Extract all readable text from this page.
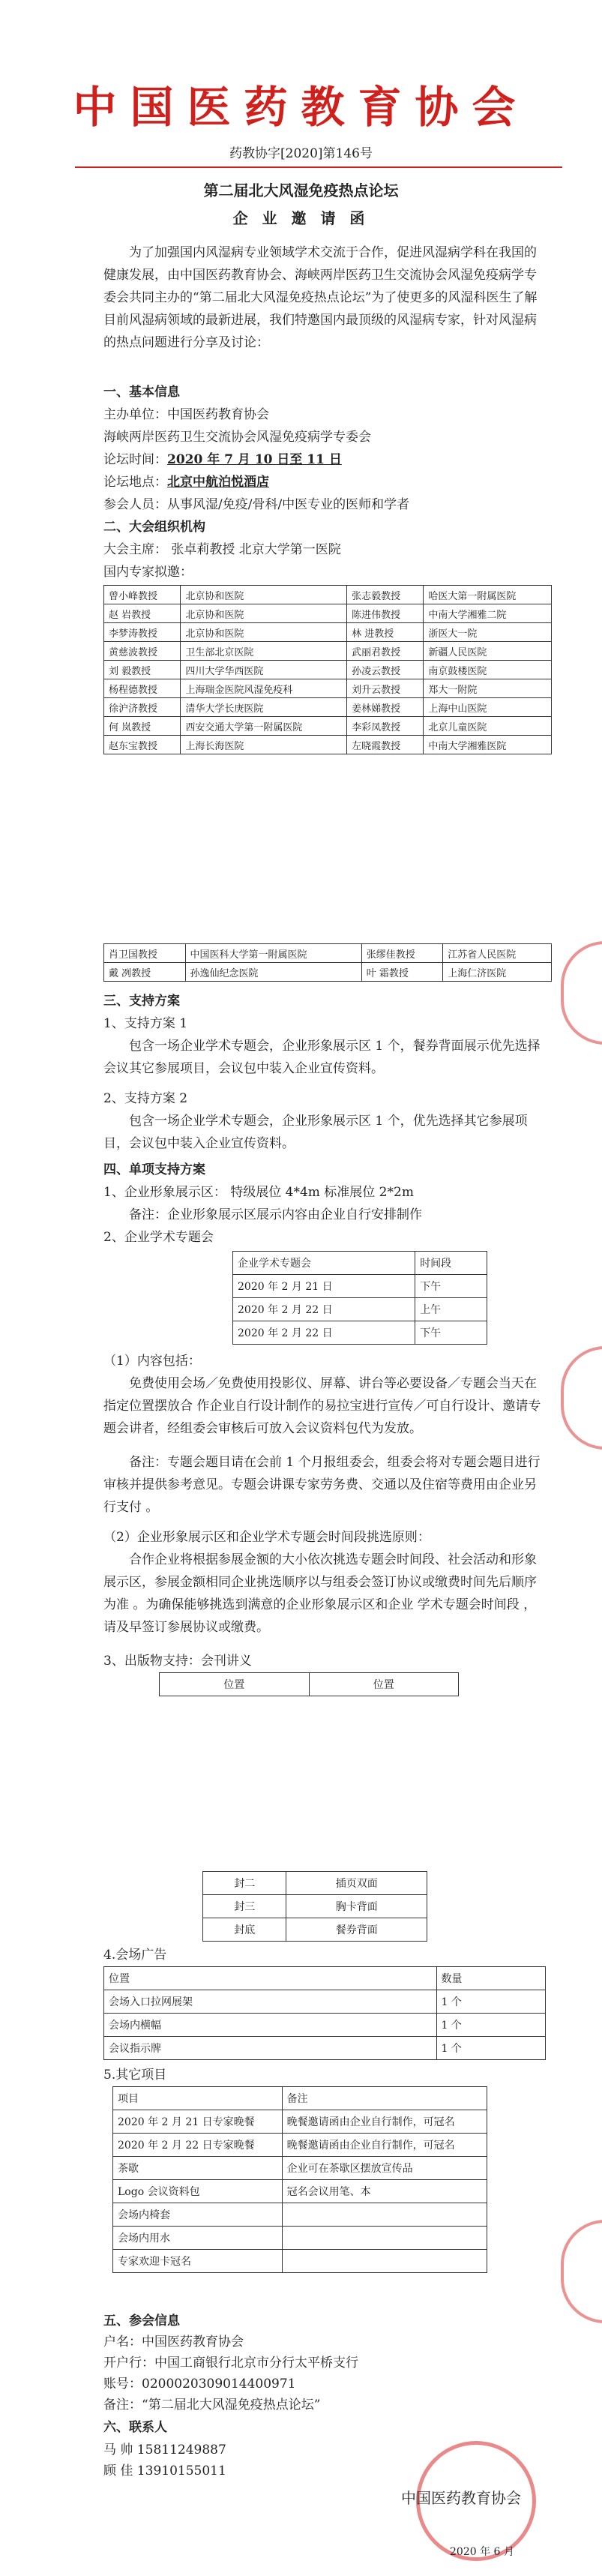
中国医药教育协会
药教协字[2020]第146号
第二届北大风湿免疫热点论坛
企 业 邀 请 函
为了加强国内风湿病专业领域学术交流于合作，促进风湿病学科在我国的健康发展，由中国医药教育协会、海峡两岸医药卫生交流协会风湿免疫病学专委会共同主办的“第二届北大风湿免疫热点论坛”为了使更多的风湿科医生了解目前风湿病领域的最新进展，我们特邀国内最顶级的风湿病专家，针对风湿病的热点问题进行分享及讨论：
一、基本信息
主办单位：中国医药教育协会
海峡两岸医药卫生交流协会风湿免疫病学专委会
论坛时间：2020 年 7 月 10 日至 11 日
论坛地点：北京中航泊悦酒店
参会人员：从事风湿/免疫/骨科/中医专业的医师和学者
二、大会组织机构
大会主席： 张卓莉教授 北京大学第一医院
国内专家拟邀：
曾小峰教授	北京协和医院	张志毅教授	哈医大第一附属医院
赵 岩教授	北京协和医院	陈进伟教授	中南大学湘雅二院
李梦涛教授	北京协和医院	林 进教授	浙医大一院
黄慈波教授	卫生部北京医院	武丽君教授	新疆人民医院
刘 毅教授	四川大学华西医院	孙凌云教授	南京鼓楼医院
杨程德教授	上海瑞金医院风湿免疫科	刘升云教授	郑大一附院
徐沪济教授	清华大学长庚医院	姜林娣教授	上海中山医院
何 岚教授	西安交通大学第一附属医院	李彩凤教授	北京儿童医院
赵东宝教授	上海长海医院	左晓霞教授	中南大学湘雅医院
肖卫国教授	中国医科大学第一附属医院	张缪佳教授	江苏省人民医院
戴 冽教授	孙逸仙纪念医院	叶 霜教授	上海仁济医院
三、支持方案
1、支持方案 1
包含一场企业学术专题会，企业形象展示区 1 个，餐券背面展示优先选择会议其它参展项目，会议包中装入企业宣传资料。
2、支持方案 2
包含一场企业学术专题会，企业形象展示区 1 个，优先选择其它参展项目，会议包中装入企业宣传资料。
四、单项支持方案
1、企业形象展示区： 特级展位 4*4m 标准展位 2*2m
备注：企业形象展示区展示内容由企业自行安排制作
2、企业学术专题会
企业学术专题会	时间段
2020 年 2 月 21 日	下午
2020 年 2 月 22 日	上午
2020 年 2 月 22 日	下午
（1）内容包括：
免费使用会场／免费使用投影仪、屏幕、讲台等必要设备／专题会当天在指定位置摆放合 作企业自行设计制作的易拉宝进行宣传／可自行设计、邀请专题会讲者，经组委会审核后可放入会议资料包代为发放。
备注：专题会题目请在会前 1 个月报组委会，组委会将对专题会题目进行审核并提供参考意见。专题会讲课专家劳务费、交通以及住宿等费用由企业另行支付 。
（2）企业形象展示区和企业学术专题会时间段挑选原则：
合作企业将根据参展金额的大小依次挑选专题会时间段、社会活动和形象展示区，参展金额相同企业挑选顺序以与组委会签订协议或缴费时间先后顺序为准 。为确保能够挑选到满意的企业形象展示区和企业 学术专题会时间段 ，请及早签订参展协议或缴费。
3、出版物支持：会刊讲义
位置	位置
封二	插页双面
封三	胸卡背面
封底	餐券背面
4.会场广告
位置	数量
会场入口拉网展架	1 个
会场内横幅	1 个
会议指示牌	1 个
5.其它项目
项目	备注
2020 年 2 月 21 日专家晚餐	晚餐邀请函由企业自行制作，可冠名
2020 年 2 月 22 日专家晚餐	晚餐邀请函由企业自行制作，可冠名
茶歇	企业可在茶歇区摆放宣传品
Logo 会议资料包	冠名会议用笔、本
会场内椅套	
会场内用水	
专家欢迎卡冠名	
五、参会信息
户名：中国医药教育协会
开户行：中国工商银行北京市分行太平桥支行
账号：0200020309014400971
备注：“第二届北大风湿免疫热点论坛”
六、联系人
马 帅 15811249887
顾 佳 13910155011
中国医药教育协会
2020 年 6 月
